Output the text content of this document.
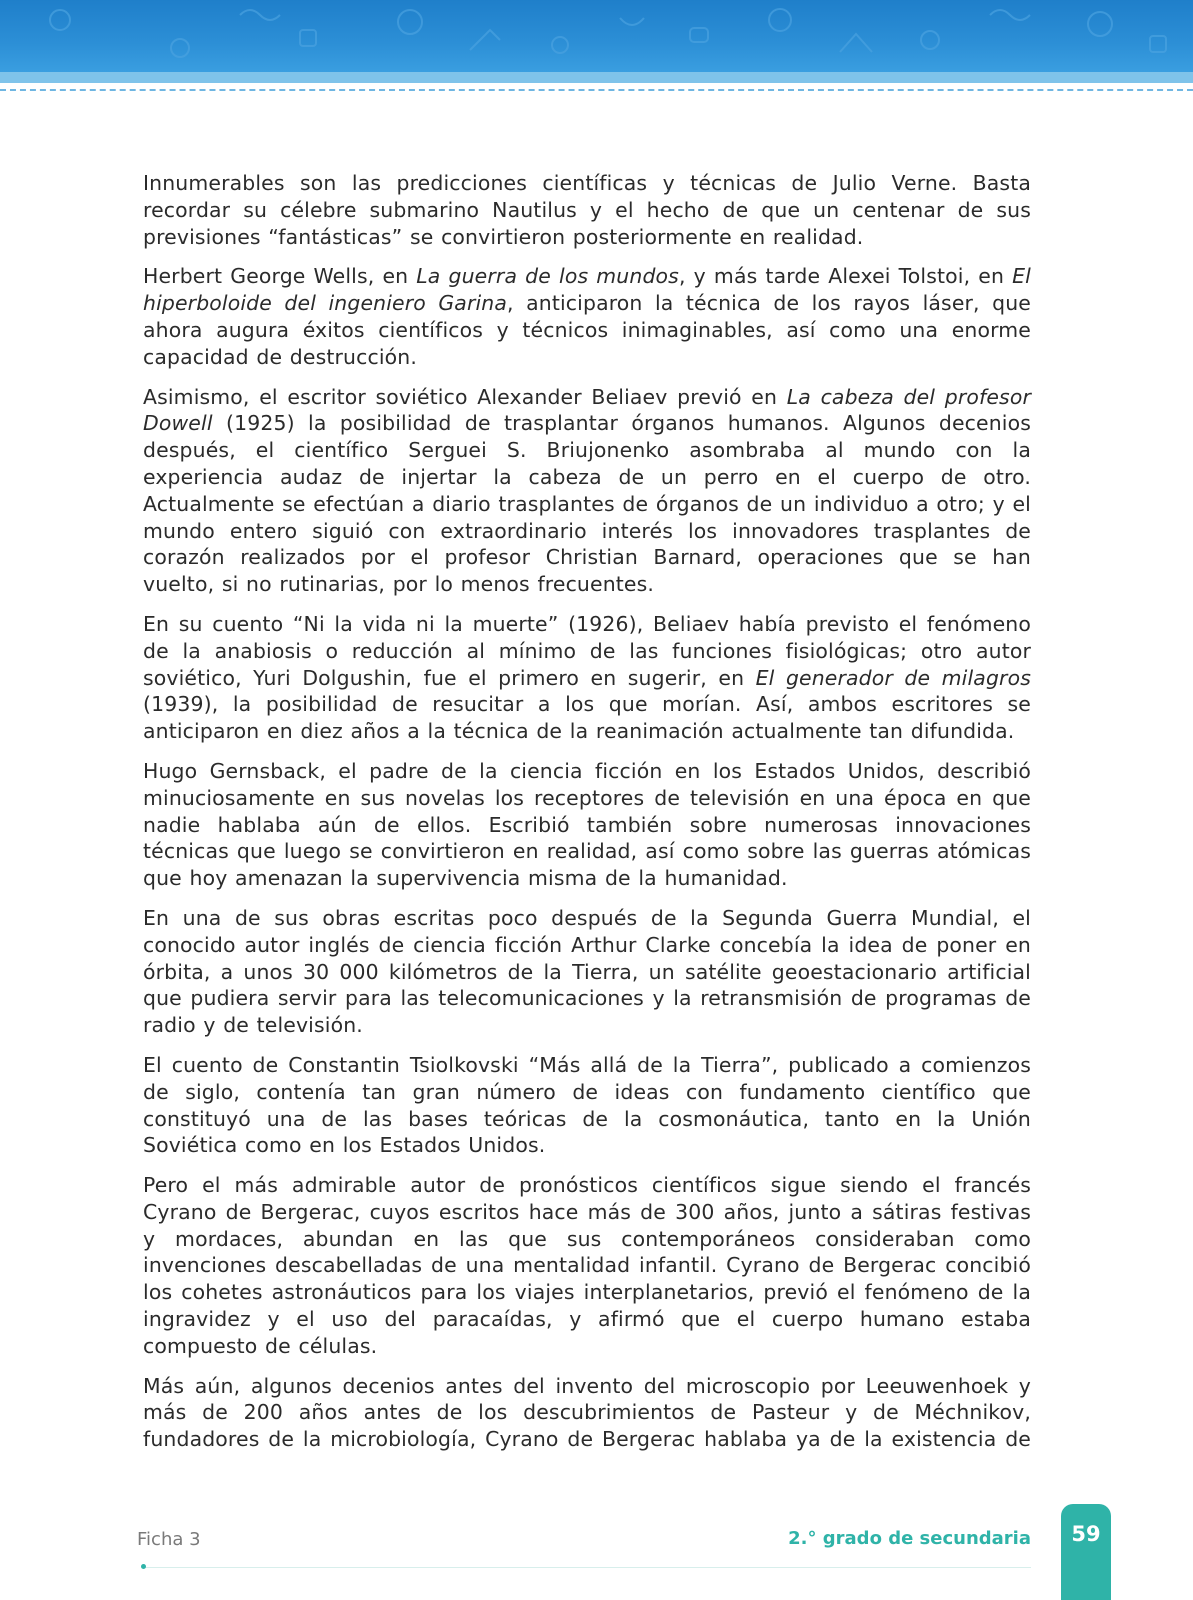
Innumerables son las predicciones científicas y técnicas de Julio Verne. Basta recordar su célebre submarino Nautilus y el hecho de que un centenar de sus previsiones “fantásticas” se convirtieron posteriormente en realidad.

Herbert George Wells, en La guerra de los mundos, y más tarde Alexei Tolstoi, en El hiperboloide del ingeniero Garina, anticiparon la técnica de los rayos láser, que ahora augura éxitos científicos y técnicos inimaginables, así como una enorme capacidad de destrucción.

Asimismo, el escritor soviético Alexander Beliaev previó en La cabeza del profesor Dowell (1925) la posibilidad de trasplantar órganos humanos. Algunos decenios después, el científico Serguei S. Briujonenko asombraba al mundo con la experiencia audaz de injertar la cabeza de un perro en el cuerpo de otro. Actualmente se efectúan a diario trasplantes de órganos de un individuo a otro; y el mundo entero siguió con extraordinario interés los innovadores trasplantes de corazón realizados por el profesor Christian Barnard, operaciones que se han vuelto, si no rutinarias, por lo menos frecuentes.

En su cuento “Ni la vida ni la muerte” (1926), Beliaev había previsto el fenómeno de la anabiosis o reducción al mínimo de las funciones fisiológicas; otro autor soviético, Yuri Dolgushin, fue el primero en sugerir, en El generador de milagros (1939), la posibilidad de resucitar a los que morían. Así, ambos escritores se anticiparon en diez años a la técnica de la reanimación actualmente tan difundida.

Hugo Gernsback, el padre de la ciencia ficción en los Estados Unidos, describió minuciosamente en sus novelas los receptores de televisión en una época en que nadie hablaba aún de ellos. Escribió también sobre numerosas innovaciones técnicas que luego se convirtieron en realidad, así como sobre las guerras atómicas que hoy amenazan la supervivencia misma de la humanidad.

En una de sus obras escritas poco después de la Segunda Guerra Mundial, el conocido autor inglés de ciencia ficción Arthur Clarke concebía la idea de poner en órbita, a unos 30 000 kilómetros de la Tierra, un satélite geoestacionario artificial que pudiera servir para las telecomunicaciones y la retransmisión de programas de radio y de televisión.

El cuento de Constantin Tsiolkovski “Más allá de la Tierra”, publicado a comienzos de siglo, contenía tan gran número de ideas con fundamento científico que constituyó una de las bases teóricas de la cosmonáutica, tanto en la Unión Soviética como en los Estados Unidos.

Pero el más admirable autor de pronósticos científicos sigue siendo el francés Cyrano de Bergerac, cuyos escritos hace más de 300 años, junto a sátiras festivas y mordaces, abundan en las que sus contemporáneos consideraban como invenciones descabelladas de una mentalidad infantil. Cyrano de Bergerac concibió los cohetes astronáuticos para los viajes interplanetarios, previó el fenómeno de la ingravidez y el uso del paracaídas, y afirmó que el cuerpo humano estaba compuesto de células.

Más aún, algunos decenios antes del invento del microscopio por Leeuwenhoek y más de 200 años antes de los descubrimientos de Pasteur y de Méchnikov, fundadores de la microbiología, Cyrano de Bergerac hablaba ya de la existencia de

Ficha 3	2.° grado de secundaria	59
